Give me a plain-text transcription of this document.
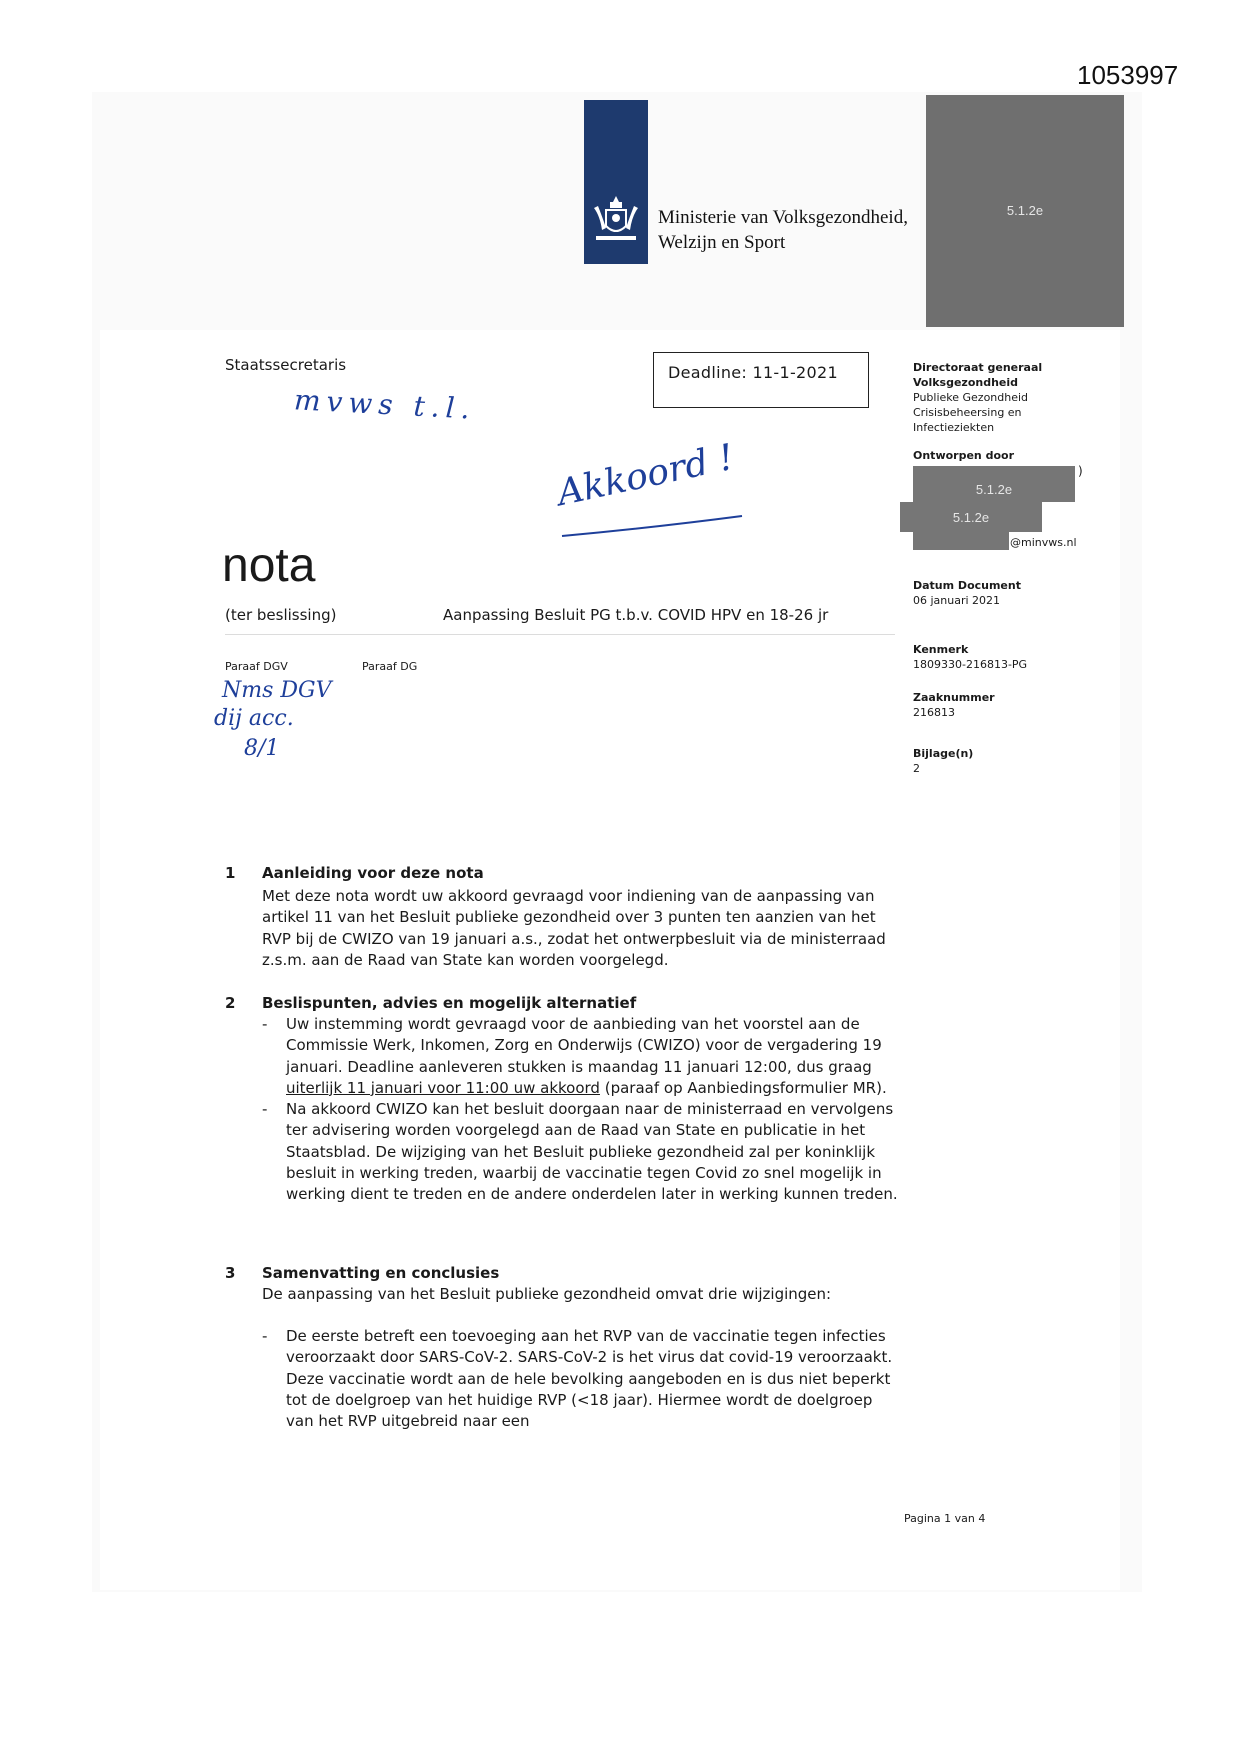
1053997
Ministerie van Volksgezondheid,
Welzijn en Sport
5.1.2e
Staatssecretaris	Deadline: 11-1-2021
mvws t.l.
Akkoord !
nota
(ter beslissing)	Aanpassing Besluit PG t.b.v. COVID HPV en 18-26 jr
Paraaf DGV	Paraaf DG
Nms DGV
dij acc.
8/1
Directoraat generaal
Volksgezondheid
Publieke Gezondheid
Crisisbeheersing en
Infectieziekten
Ontworpen door
5.1.2e
)
5.1.2e
@minvws.nl
Datum Document
06 januari 2021
Kenmerk
1809330-216813-PG
Zaaknummer
216813
Bijlage(n)
2
1 Aanleiding voor deze nota
Met deze nota wordt uw akkoord gevraagd voor indiening van de aanpassing van artikel 11 van het Besluit publieke gezondheid over 3 punten ten aanzien van het RVP bij de CWIZO van 19 januari a.s., zodat het ontwerpbesluit via de ministerraad z.s.m. aan de Raad van State kan worden voorgelegd.
2 Beslispunten, advies en mogelijk alternatief
- Uw instemming wordt gevraagd voor de aanbieding van het voorstel aan de Commissie Werk, Inkomen, Zorg en Onderwijs (CWIZO) voor de vergadering 19 januari. Deadline aanleveren stukken is maandag 11 januari 12:00, dus graag uiterlijk 11 januari voor 11:00 uw akkoord (paraaf op Aanbiedingsformulier MR).
- Na akkoord CWIZO kan het besluit doorgaan naar de ministerraad en vervolgens ter advisering worden voorgelegd aan de Raad van State en publicatie in het Staatsblad. De wijziging van het Besluit publieke gezondheid zal per koninklijk besluit in werking treden, waarbij de vaccinatie tegen Covid zo snel mogelijk in werking dient te treden en de andere onderdelen later in werking kunnen treden.
3 Samenvatting en conclusies
De aanpassing van het Besluit publieke gezondheid omvat drie wijzigingen:
- De eerste betreft een toevoeging aan het RVP van de vaccinatie tegen infecties veroorzaakt door SARS-CoV-2. SARS-CoV-2 is het virus dat covid-19 veroorzaakt. Deze vaccinatie wordt aan de hele bevolking aangeboden en is dus niet beperkt tot de doelgroep van het huidige RVP (<18 jaar). Hiermee wordt de doelgroep van het RVP uitgebreid naar een
Pagina 1 van 4
